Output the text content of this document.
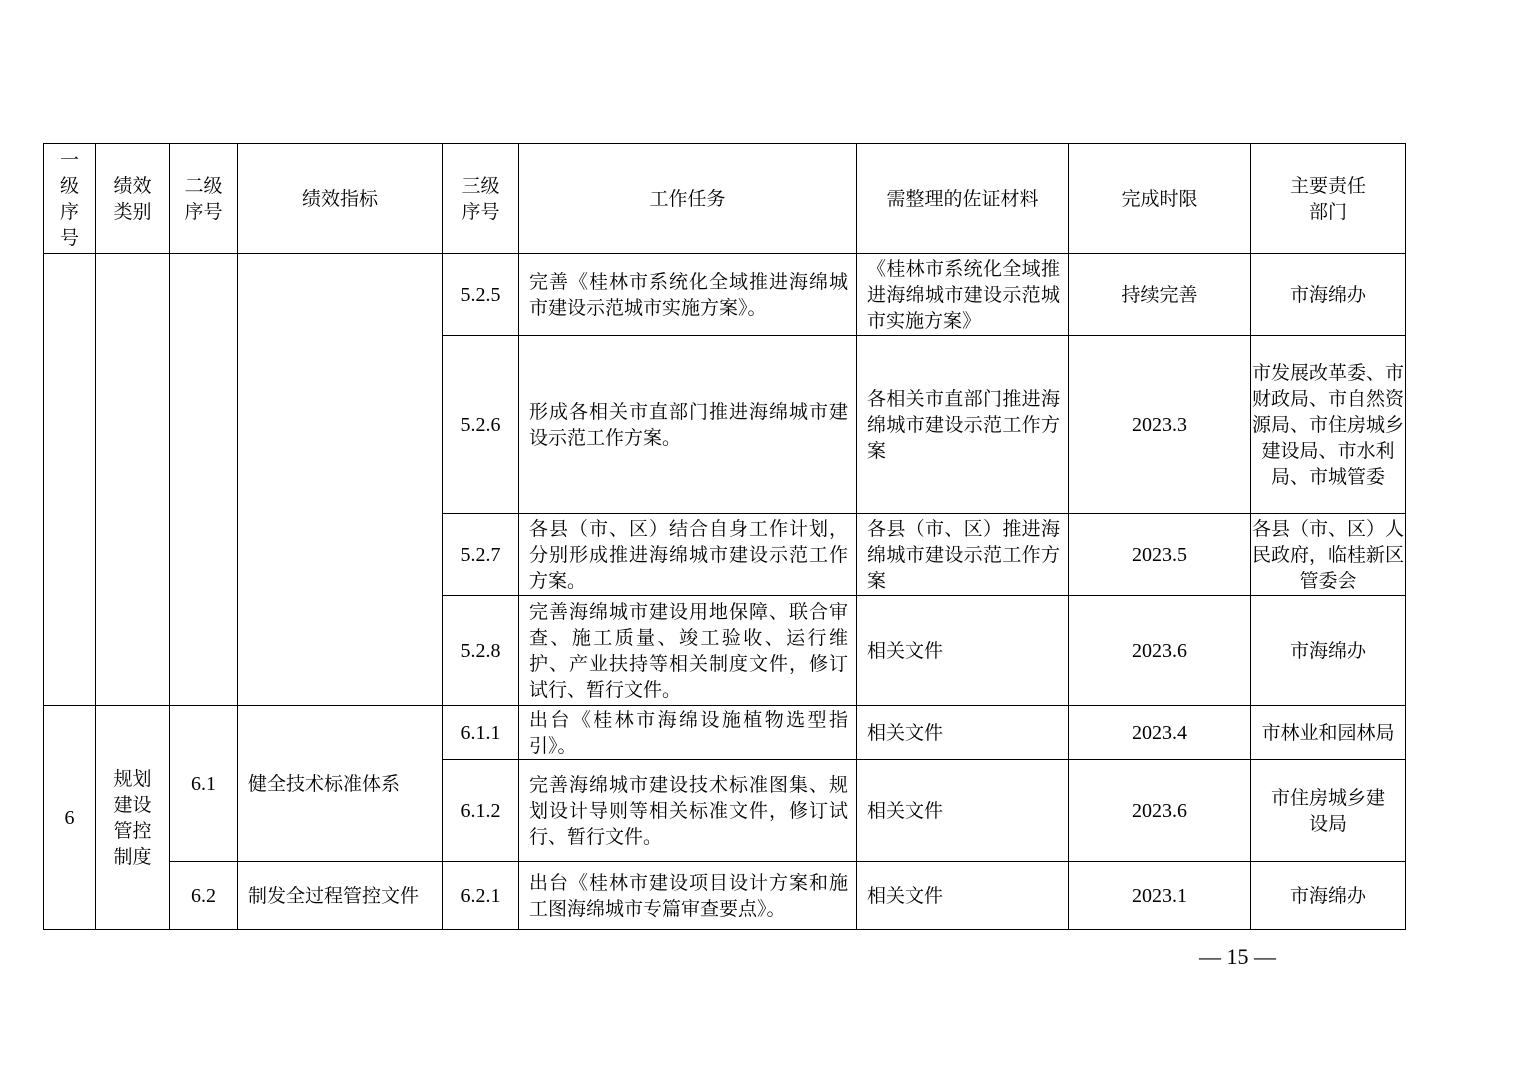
一级序号	绩效类别	二级序号	绩效指标	三级序号	工作任务	需整理的佐证材料	完成时限	主要责任部门
				5.2.5	完善《桂林市系统化全域推进海绵城市建设示范城市实施方案》。	《桂林市系统化全域推进海绵城市建设示范城市实施方案》	持续完善	市海绵办
				5.2.6	形成各相关市直部门推进海绵城市建设示范工作方案。	各相关市直部门推进海绵城市建设示范工作方案	2023.3	市发展改革委、市财政局、市自然资源局、市住房城乡建设局、市水利局、市城管委
				5.2.7	各县（市、区）结合自身工作计划，分别形成推进海绵城市建设示范工作方案。	各县（市、区）推进海绵城市建设示范工作方案	2023.5	各县（市、区）人民政府，临桂新区管委会
				5.2.8	完善海绵城市建设用地保障、联合审查、施工质量、竣工验收、运行维护、产业扶持等相关制度文件，修订试行、暂行文件。	相关文件	2023.6	市海绵办
6	规划建设管控制度	6.1	健全技术标准体系	6.1.1	出台《桂林市海绵设施植物选型指引》。	相关文件	2023.4	市林业和园林局
				6.1.2	完善海绵城市建设技术标准图集、规划设计导则等相关标准文件，修订试行、暂行文件。	相关文件	2023.6	市住房城乡建设局
		6.2	制发全过程管控文件	6.2.1	出台《桂林市建设项目设计方案和施工图海绵城市专篇审查要点》。	相关文件	2023.1	市海绵办
— 15 —
